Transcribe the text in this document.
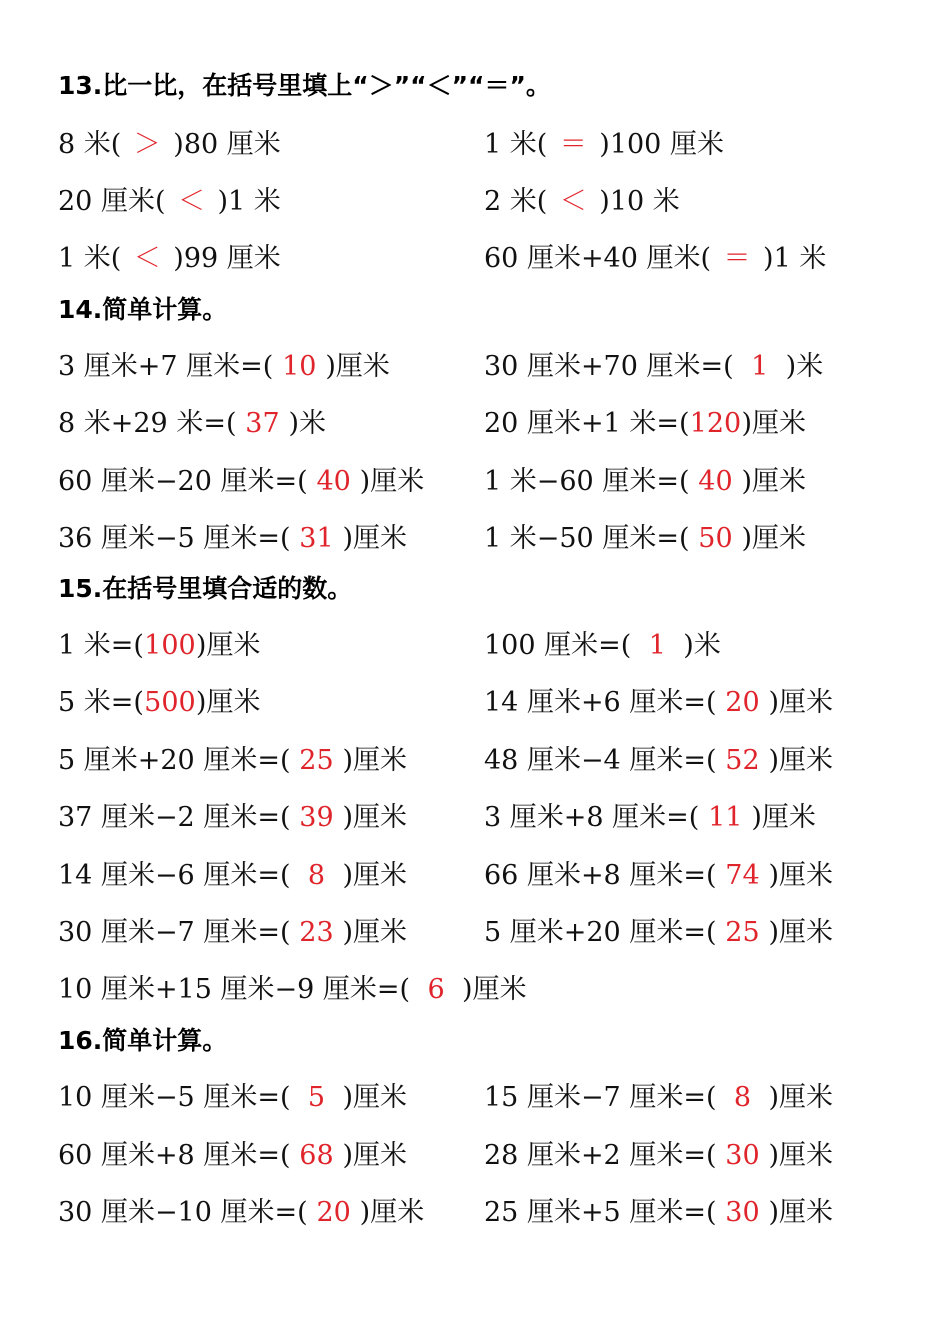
13.比一比，在括号里填上“＞”“＜”“＝”。
8 米( ＞ )80 厘米	1 米( ＝ )100 厘米
20 厘米( ＜ )1 米	2 米( ＜ )10 米
1 米( ＜ )99 厘米	60 厘米+40 厘米( ＝ )1 米
14.简单计算。
3 厘米+7 厘米=( 10 )厘米	30 厘米+70 厘米=( 1 )米
8 米+29 米=( 37 )米	20 厘米+1 米=(120)厘米
60 厘米−20 厘米=( 40 )厘米 1 米−60 厘米=( 40 )厘米
36 厘米−5 厘米=( 31 )厘米	1 米−50 厘米=( 50 )厘米
15.在括号里填合适的数。
1 米=(100)厘米	100 厘米=( 1 )米
5 米=(500)厘米	14 厘米+6 厘米=( 20 )厘米
5 厘米+20 厘米=( 25 )厘米	48 厘米−4 厘米=( 52 )厘米
37 厘米−2 厘米=( 39 )厘米	3 厘米+8 厘米=( 11 )厘米
14 厘米−6 厘米=( 8 )厘米	66 厘米+8 厘米=( 74 )厘米
30 厘米−7 厘米=( 23 )厘米	5 厘米+20 厘米=( 25 )厘米
10 厘米+15 厘米−9 厘米=( 6 )厘米
16.简单计算。
10 厘米−5 厘米=( 5 )厘米	15 厘米−7 厘米=( 8 )厘米
60 厘米+8 厘米=( 68 )厘米	28 厘米+2 厘米=( 30 )厘米
30 厘米−10 厘米=( 20 )厘米 25 厘米+5 厘米=( 30 )厘米
